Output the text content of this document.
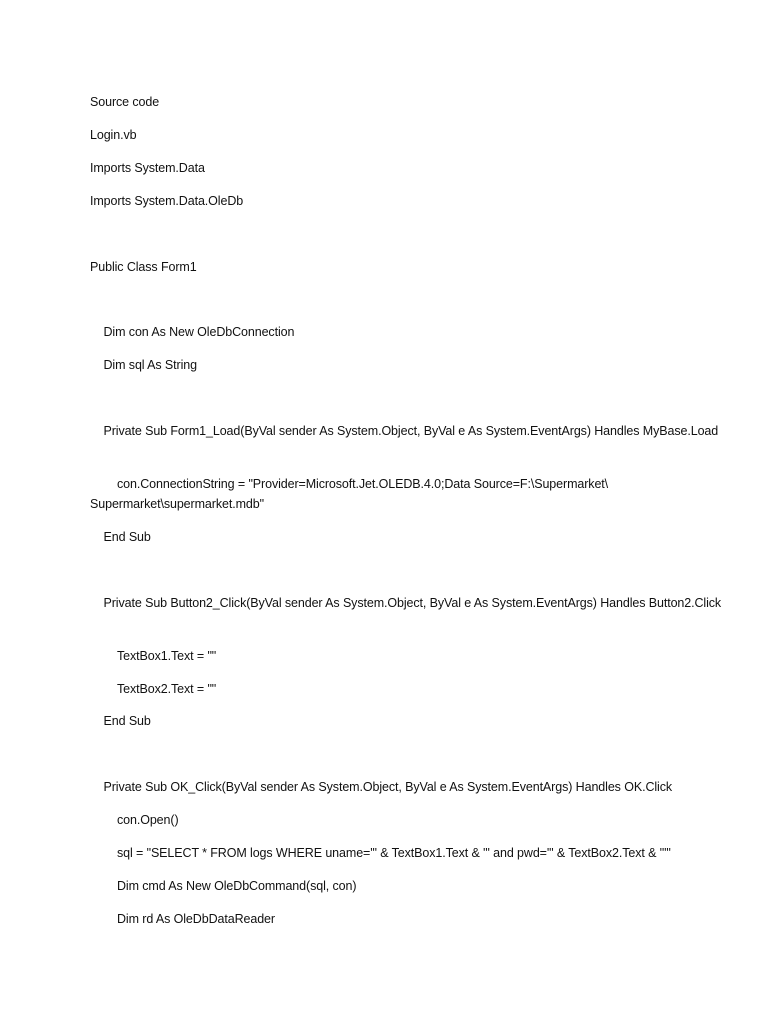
Source code

Login.vb

Imports System.Data

Imports System.Data.OleDb

Public Class Form1

Dim con As New OleDbConnection

Dim sql As String

Private Sub Form1_Load(ByVal sender As System.Object, ByVal e As System.EventArgs) Handles MyBase.Load

con.ConnectionString = "Provider=Microsoft.Jet.OLEDB.4.0;Data Source=F:\Supermarket\ Supermarket\supermarket.mdb"

End Sub

Private Sub Button2_Click(ByVal sender As System.Object, ByVal e As System.EventArgs) Handles Button2.Click

TextBox1.Text = ""

TextBox2.Text = ""

End Sub

Private Sub OK_Click(ByVal sender As System.Object, ByVal e As System.EventArgs) Handles OK.Click

con.Open()

sql = "SELECT * FROM logs WHERE uname='" & TextBox1.Text & "' and pwd='" & TextBox2.Text & "'"

Dim cmd As New OleDbCommand(sql, con)

Dim rd As OleDbDataReader
